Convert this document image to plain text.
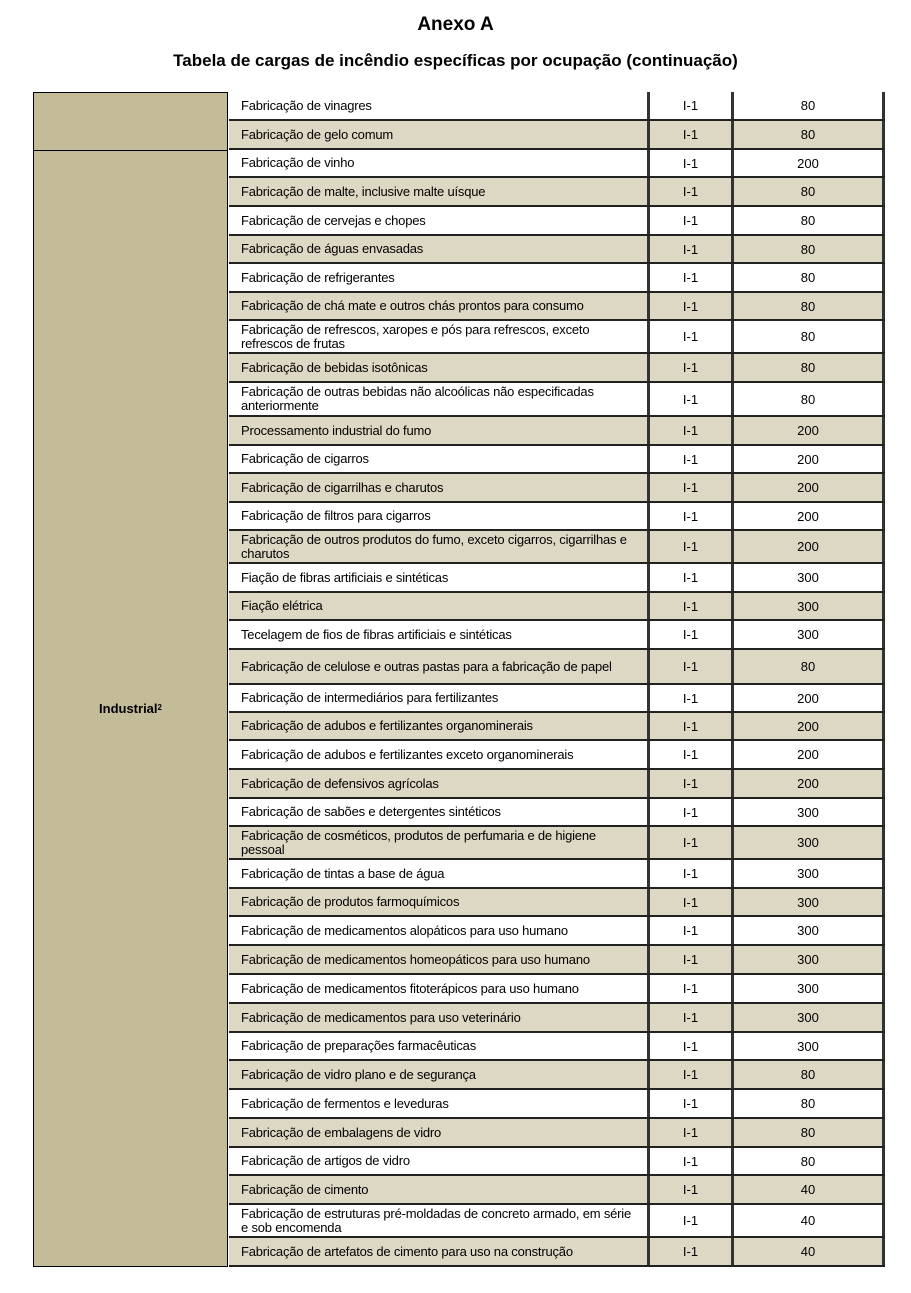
Anexo A
Tabela de cargas de incêndio específicas por ocupação (continuação)
Industrial$^2$
Fabricação de vinagres	I-1	80
Fabricação de gelo comum	I-1	80
Fabricação de vinho	I-1	200
Fabricação de malte, inclusive malte uísque	I-1	80
Fabricação de cervejas e chopes	I-1	80
Fabricação de águas envasadas	I-1	80
Fabricação de refrigerantes	I-1	80
Fabricação de chá mate e outros chás prontos para consumo	I-1	80
Fabricação de refrescos, xaropes e pós para refrescos, exceto refrescos de frutas	I-1	80
Fabricação de bebidas isotônicas	I-1	80
Fabricação de outras bebidas não alcoólicas não especificadas anteriormente	I-1	80
Processamento industrial do fumo	I-1	200
Fabricação de cigarros	I-1	200
Fabricação de cigarrilhas e charutos	I-1	200
Fabricação de filtros para cigarros	I-1	200
Fabricação de outros produtos do fumo, exceto cigarros, cigarrilhas e charutos	I-1	200
Fiação de fibras artificiais e sintéticas	I-1	300
Fiação elétrica	I-1	300
Tecelagem de fios de fibras artificiais e sintéticas	I-1	300
Fabricação de celulose e outras pastas para a fabricação de papel	I-1	80
Fabricação de intermediários para fertilizantes	I-1	200
Fabricação de adubos e fertilizantes organominerais	I-1	200
Fabricação de adubos e fertilizantes exceto organominerais	I-1	200
Fabricação de defensivos agrícolas	I-1	200
Fabricação de sabões e detergentes sintéticos	I-1	300
Fabricação de cosméticos, produtos de perfumaria e de higiene pessoal	I-1	300
Fabricação de tintas a base de água	I-1	300
Fabricação de produtos farmoquímicos	I-1	300
Fabricação de medicamentos alopáticos para uso humano	I-1	300
Fabricação de medicamentos homeopáticos para uso humano	I-1	300
Fabricação de medicamentos fitoterápicos para uso humano	I-1	300
Fabricação de medicamentos para uso veterinário	I-1	300
Fabricação de preparações farmacêuticas	I-1	300
Fabricação de vidro plano e de segurança	I-1	80
Fabricação de fermentos e leveduras	I-1	80
Fabricação de embalagens de vidro	I-1	80
Fabricação de artigos de vidro	I-1	80
Fabricação de cimento	I-1	40
Fabricação de estruturas pré-moldadas de concreto armado, em série e sob encomenda	I-1	40
Fabricação de artefatos de cimento para uso na construção	I-1	40
